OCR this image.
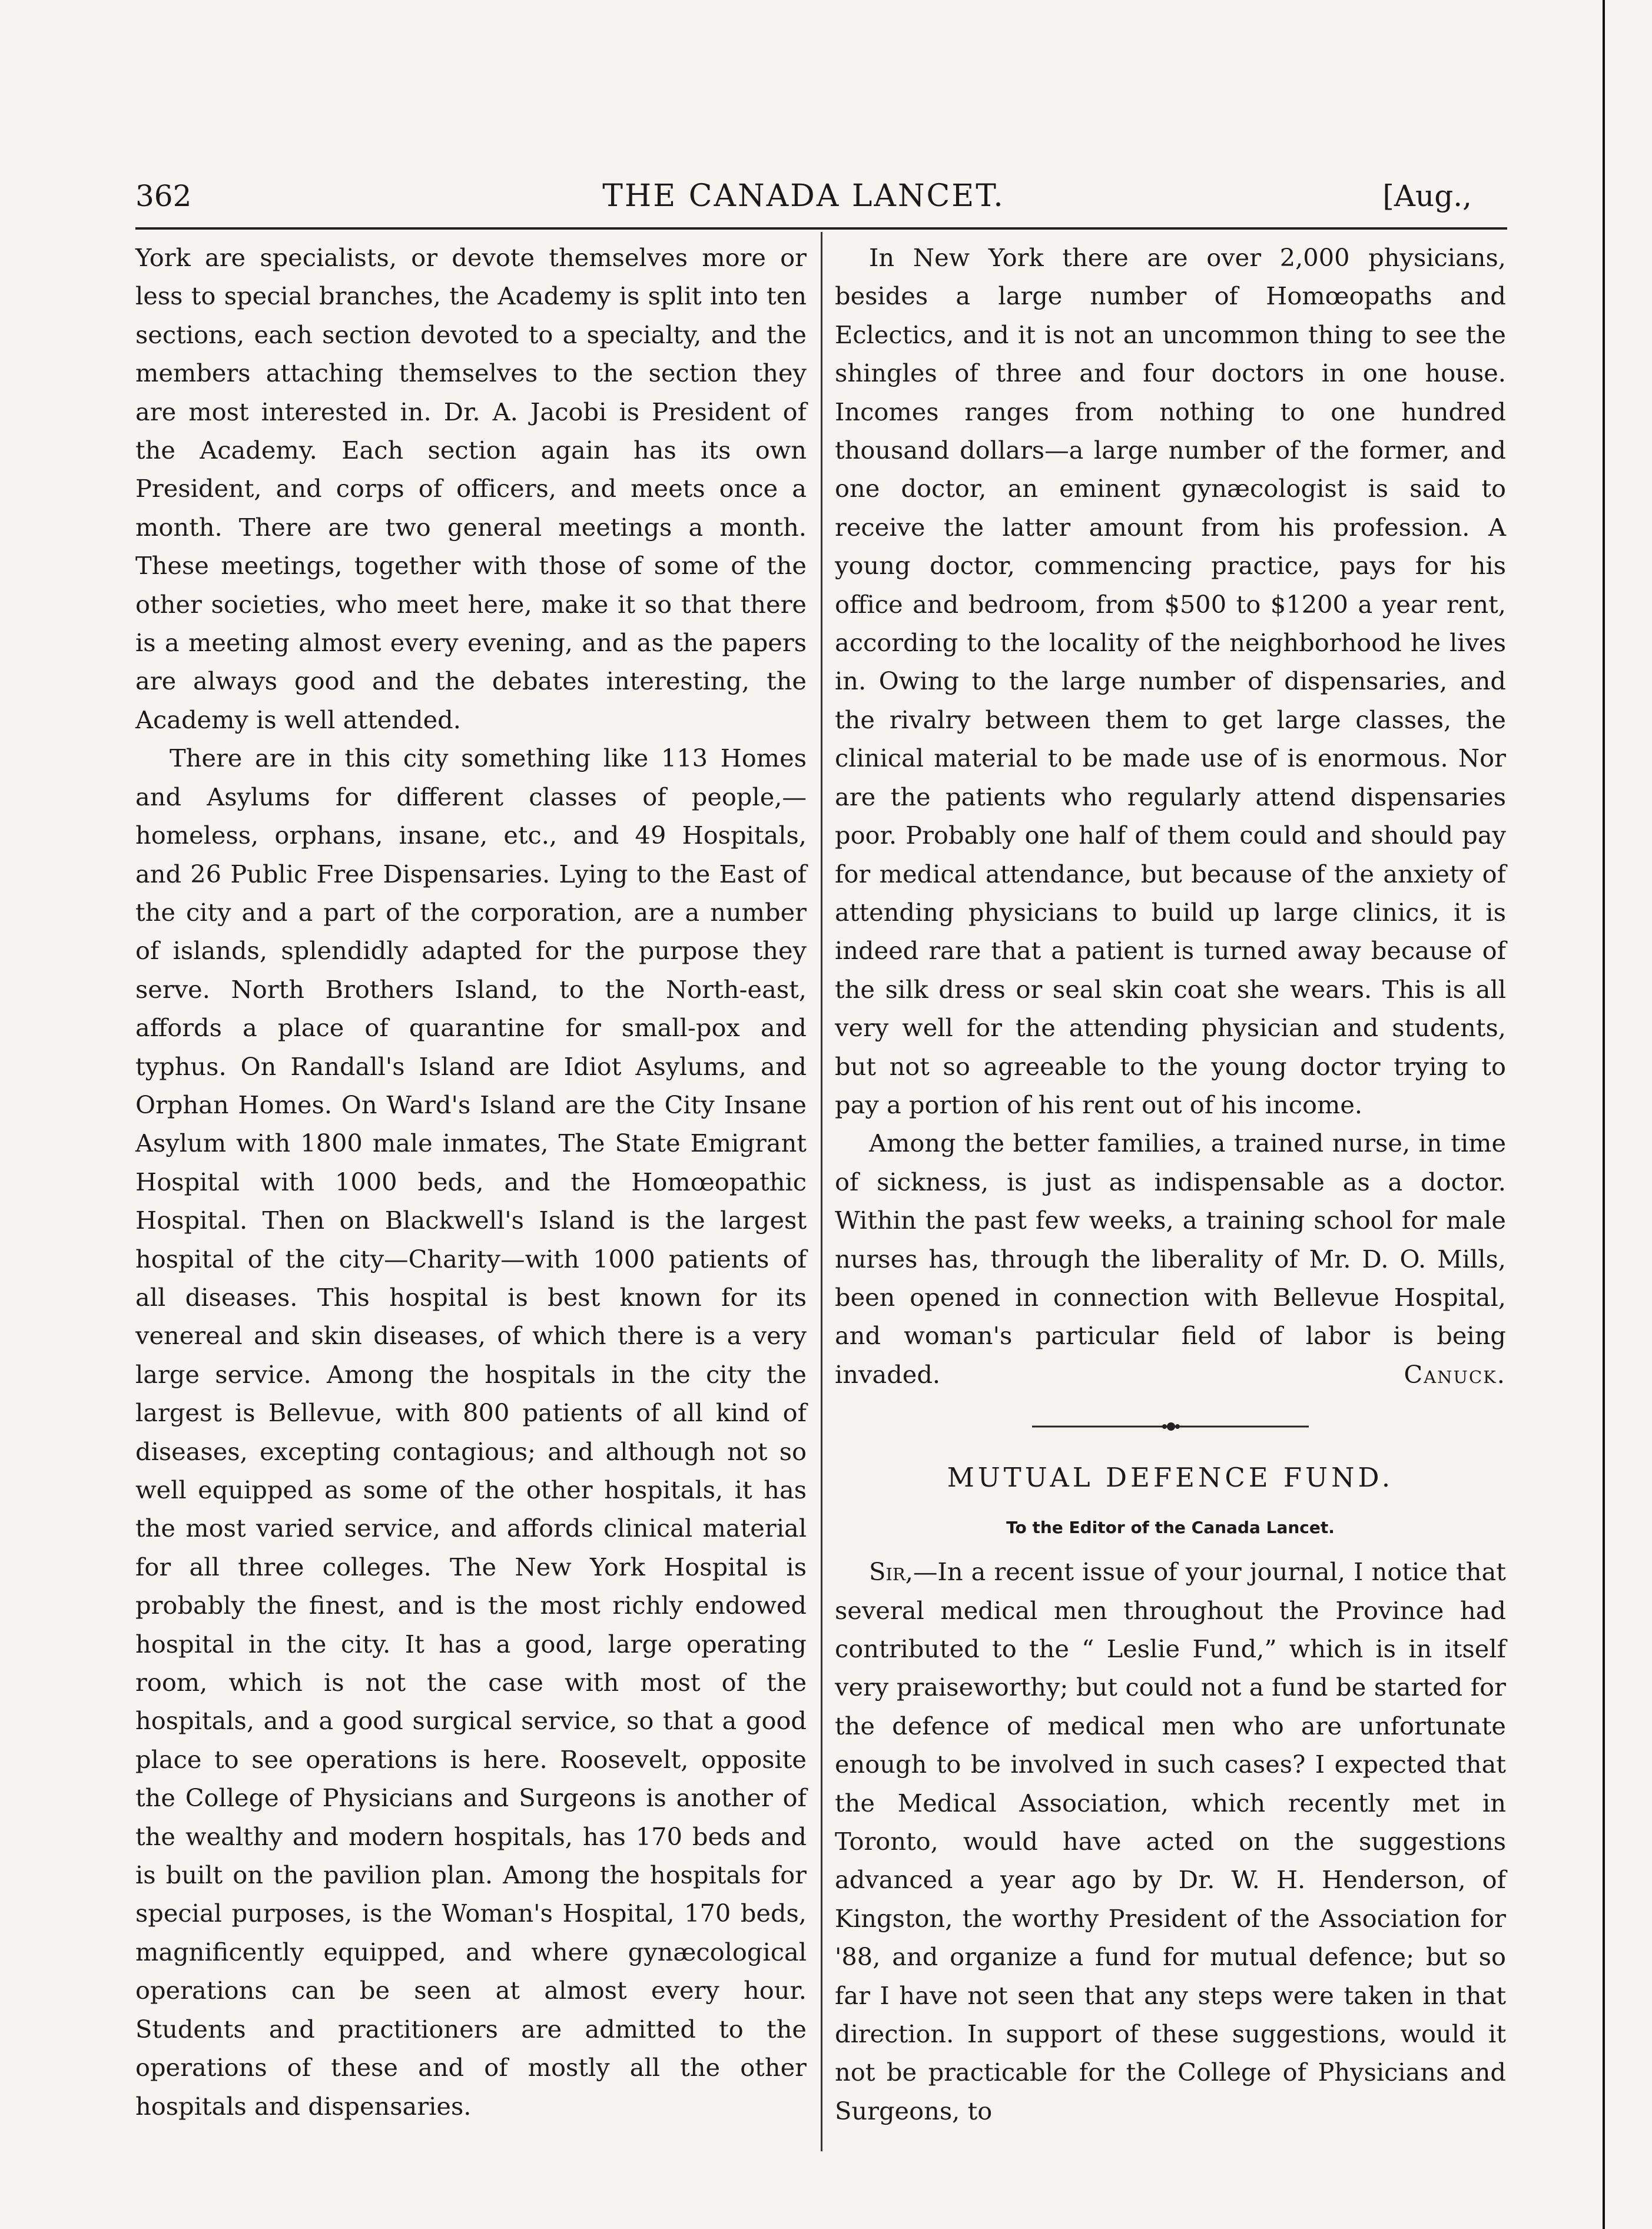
362	THE CANADA LANCET.	[Aug.,

York are specialists, or devote themselves more or less to special branches, the Academy is split into ten sections, each section devoted to a specialty, and the members attaching themselves to the section they are most interested in. Dr. A. Jacobi is President of the Academy. Each section again has its own President, and corps of officers, and meets once a month. There are two general meetings a month. These meetings, together with those of some of the other societies, who meet here, make it so that there is a meeting almost every evening, and as the papers are always good and the debates interesting, the Academy is well attended.

There are in this city something like 113 Homes and Asylums for different classes of people,—homeless, orphans, insane, etc., and 49 Hospitals, and 26 Public Free Dispensaries. Lying to the East of the city and a part of the corporation, are a number of islands, splendidly adapted for the purpose they serve. North Brothers Island, to the North-east, affords a place of quarantine for small-pox and typhus. On Randall's Island are Idiot Asylums, and Orphan Homes. On Ward's Island are the City Insane Asylum with 1800 male inmates, The State Emigrant Hospital with 1000 beds, and the Homœopathic Hospital. Then on Blackwell's Island is the largest hospital of the city—Charity—with 1000 patients of all diseases. This hospital is best known for its venereal and skin diseases, of which there is a very large service. Among the hospitals in the city the largest is Bellevue, with 800 patients of all kind of diseases, excepting contagious; and although not so well equipped as some of the other hospitals, it has the most varied service, and affords clinical material for all three colleges. The New York Hospital is probably the finest, and is the most richly endowed hospital in the city. It has a good, large operating room, which is not the case with most of the hospitals, and a good surgical service, so that a good place to see operations is here. Roosevelt, opposite the College of Physicians and Surgeons is another of the wealthy and modern hospitals, has 170 beds and is built on the pavilion plan. Among the hospitals for special purposes, is the Woman's Hospital, 170 beds, magnificently equipped, and where gynæcological operations can be seen at almost every hour. Students and practitioners are admitted to the operations of these and of mostly all the other hospitals and dispensaries.

In New York there are over 2,000 physicians, besides a large number of Homœopaths and Eclectics, and it is not an uncommon thing to see the shingles of three and four doctors in one house. Incomes ranges from nothing to one hundred thousand dollars—a large number of the former, and one doctor, an eminent gynæcologist is said to receive the latter amount from his profession. A young doctor, commencing practice, pays for his office and bedroom, from $500 to $1200 a year rent, according to the locality of the neighborhood he lives in. Owing to the large number of dispensaries, and the rivalry between them to get large classes, the clinical material to be made use of is enormous. Nor are the patients who regularly attend dispensaries poor. Probably one half of them could and should pay for medical attendance, but because of the anxiety of attending physicians to build up large clinics, it is indeed rare that a patient is turned away because of the silk dress or seal skin coat she wears. This is all very well for the attending physician and students, but not so agreeable to the young doctor trying to pay a portion of his rent out of his income.

Among the better families, a trained nurse, in time of sickness, is just as indispensable as a doctor. Within the past few weeks, a training school for male nurses has, through the liberality of Mr. D. O. Mills, been opened in connection with Bellevue Hospital, and woman's particular field of labor is being invaded.	Canuck.

MUTUAL DEFENCE FUND.
To the Editor of the Canada Lancet.

Sir,—In a recent issue of your journal, I notice that several medical men throughout the Province had contributed to the “ Leslie Fund,” which is in itself very praiseworthy; but could not a fund be started for the defence of medical men who are unfortunate enough to be involved in such cases? I expected that the Medical Association, which recently met in Toronto, would have acted on the suggestions advanced a year ago by Dr. W. H. Henderson, of Kingston, the worthy President of the Association for '88, and organize a fund for mutual defence; but so far I have not seen that any steps were taken in that direction. In support of these suggestions, would it not be practicable for the College of Physicians and Surgeons, to
